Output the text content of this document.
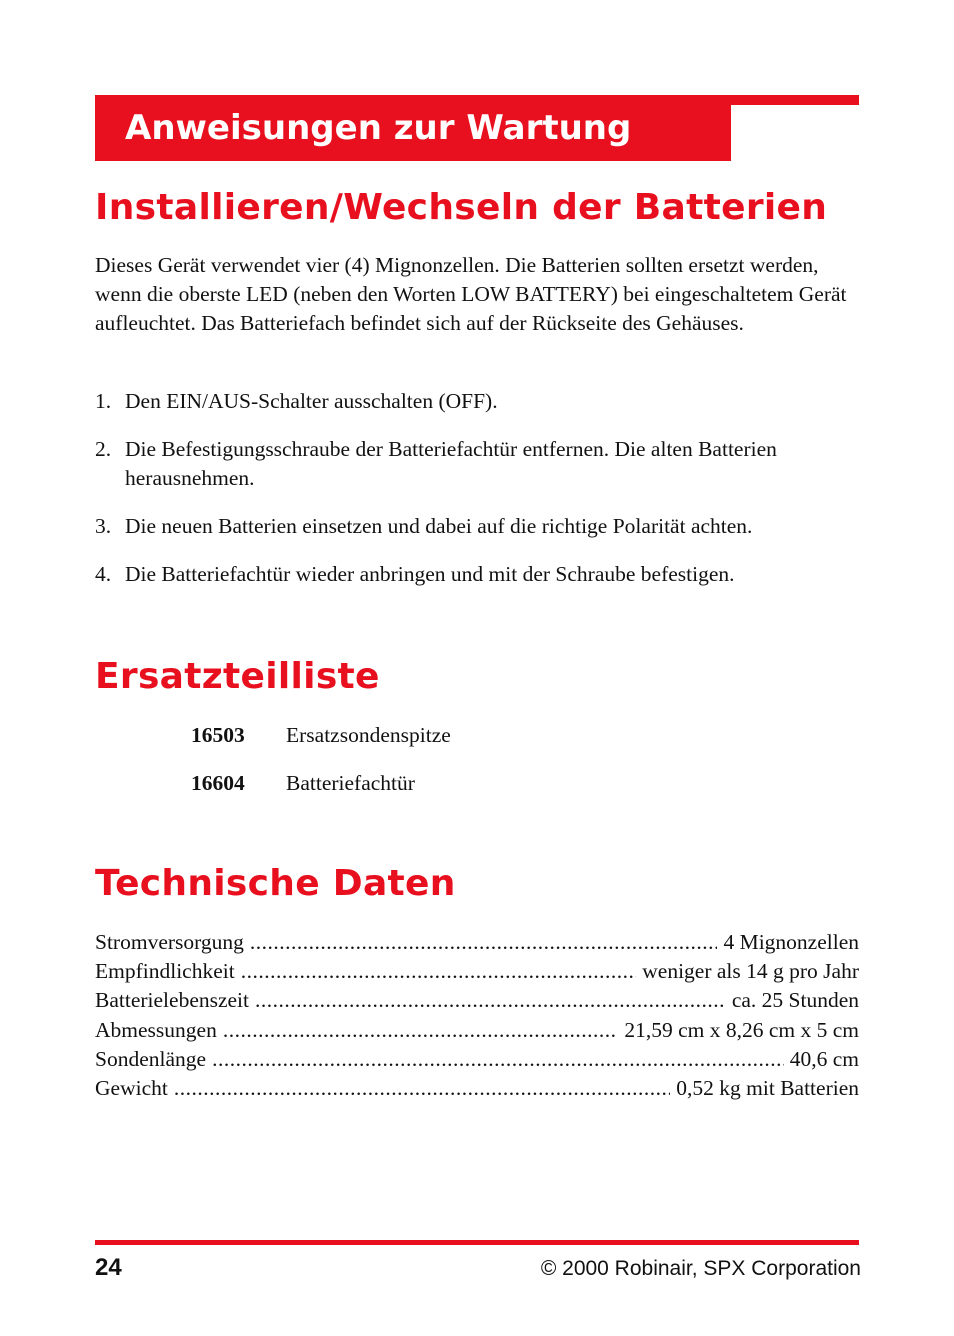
Anweisungen zur Wartung
Installieren/Wechseln der Batterien

Dieses Gerät verwendet vier (4) Mignonzellen. Die Batterien sollten ersetzt werden, wenn die oberste LED (neben den Worten LOW BATTERY) bei eingeschaltetem Gerät aufleuchtet. Das Batteriefach befindet sich auf der Rückseite des Gehäuses.

1. Den EIN/AUS-Schalter ausschalten (OFF).
2. Die Befestigungsschraube der Batteriefachtür entfernen. Die alten Batterien herausnehmen.
3. Die neuen Batterien einsetzen und dabei auf die richtige Polarität achten.
4. Die Batteriefachtür wieder anbringen und mit der Schraube befestigen.
Ersatzteilliste
16503 Ersatzsondenspitze
16604 Batteriefachtür
Technische Daten
Stromversorgung .....	4 Mignonzellen
Empfindlichkeit .....	weniger als 14 g pro Jahr
Batterielebenszeit .....	ca. 25 Stunden
Abmessungen .....	21,59 cm x 8,26 cm x 5 cm
Sondenlänge .....	40,6 cm
Gewicht .....	0,52 kg mit Batterien

24	© 2000 Robinair, SPX Corporation
